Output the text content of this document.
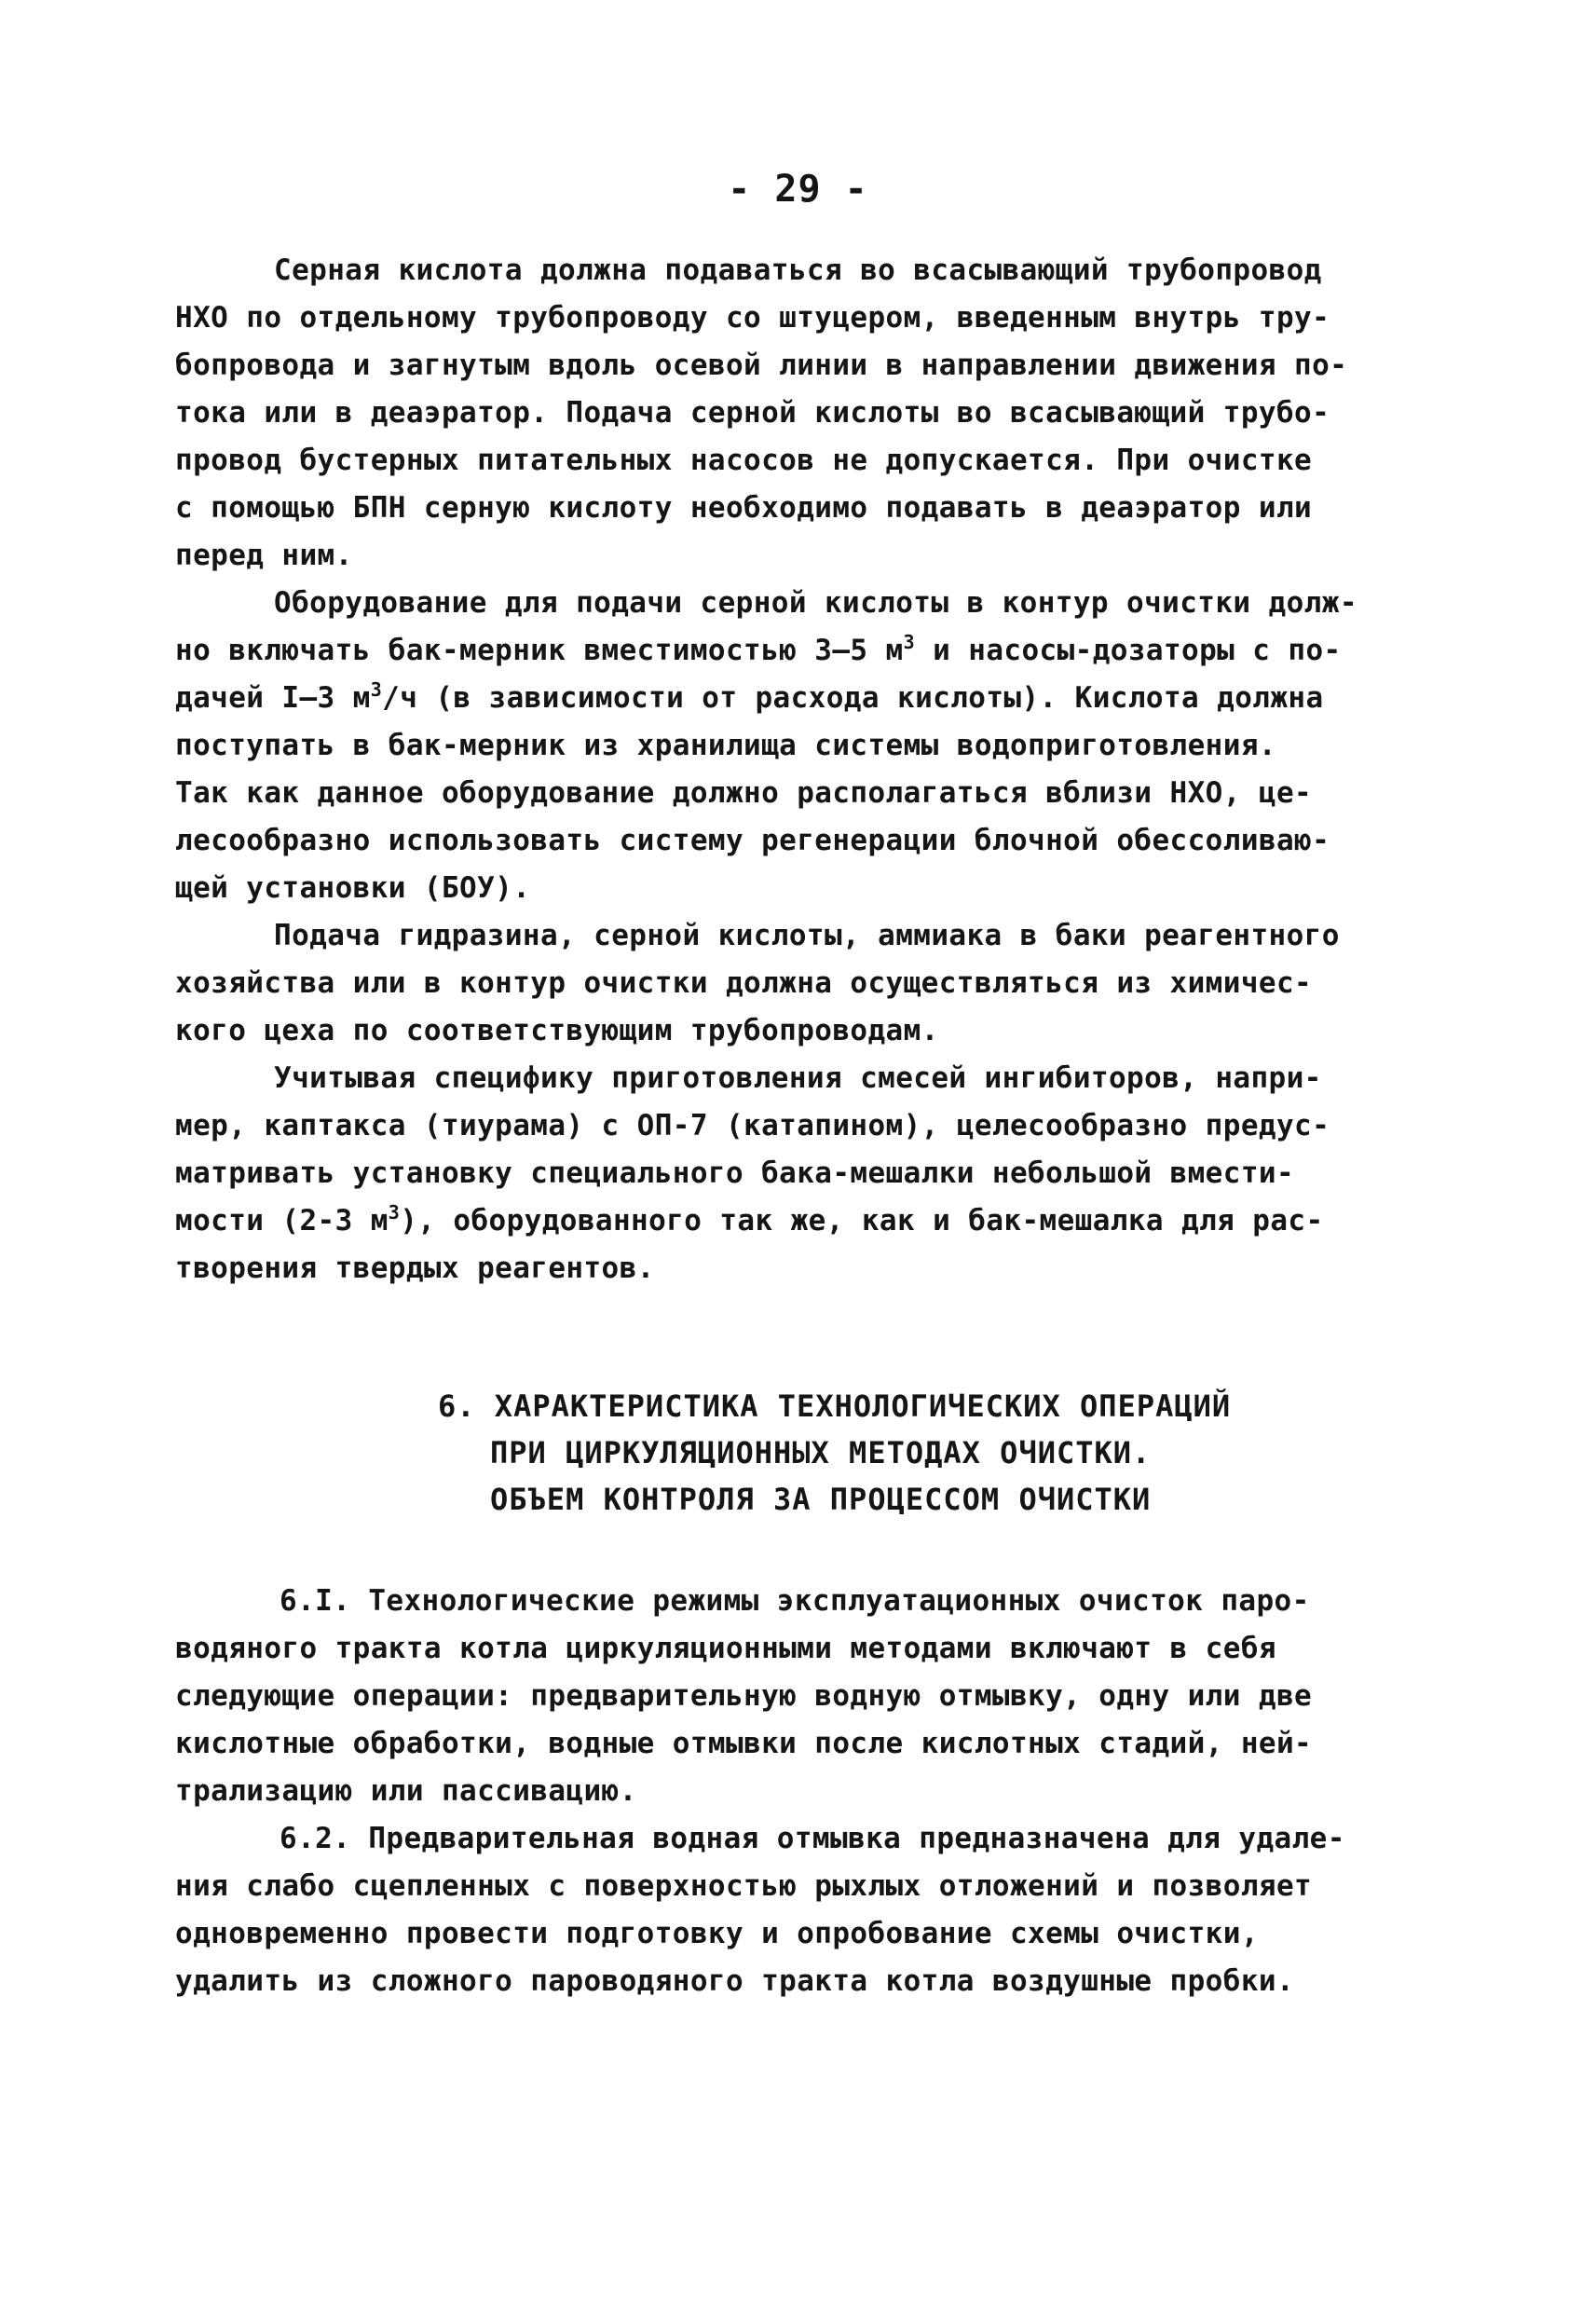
- 29 -
Серная кислота должна подаваться во всасывающий трубопровод
НХО по отдельному трубопроводу со штуцером, введенным внутрь тру-
бопровода и загнутым вдоль осевой линии в направлении движения по-
тока или в деаэратор. Подача серной кислоты во всасывающий трубо-
провод бустерных питательных насосов не допускается. При очистке
с помощью БПН серную кислоту необходимо подавать в деаэратор или
перед ним.
Оборудование для подачи серной кислоты в контур очистки долж-
но включать бак-мерник вместимостью 3–5 $м^3$ и насосы-дозаторы с по-
дачей I–3 $м^3/ч$ (в зависимости от расхода кислоты). Кислота должна
поступать в бак-мерник из хранилища системы водоприготовления.
Так как данное оборудование должно располагаться вблизи НХО, це-
лесообразно использовать систему регенерации блочной обессоливаю-
щей установки (БОУ).
Подача гидразина, серной кислоты, аммиака в баки реагентного
хозяйства или в контур очистки должна осуществляться из химичес-
кого цеха по соответствующим трубопроводам.
Учитывая специфику приготовления смесей ингибиторов, напри-
мер, каптакса (тиурама) с ОП-7 (катапином), целесообразно предус-
матривать установку специального бака-мешалки небольшой вмести-
мости (2-3 $м^3$), оборудованного так же, как и бак-мешалка для рас-
творения твердых реагентов.
6. ХАРАКТЕРИСТИКА ТЕХНОЛОГИЧЕСКИХ ОПЕРАЦИЙ
ПРИ ЦИРКУЛЯЦИОННЫХ МЕТОДАХ ОЧИСТКИ.
ОБЪЕМ КОНТРОЛЯ ЗА ПРОЦЕССОМ ОЧИСТКИ
6.I. Технологические режимы эксплуатационных очисток паро-
водяного тракта котла циркуляционными методами включают в себя
следующие операции: предварительную водную отмывку, одну или две
кислотные обработки, водные отмывки после кислотных стадий, ней-
трализацию или пассивацию.
6.2. Предварительная водная отмывка предназначена для удале-
ния слабо сцепленных с поверхностью рыхлых отложений и позволяет
одновременно провести подготовку и опробование схемы очистки,
удалить из сложного пароводяного тракта котла воздушные пробки.
